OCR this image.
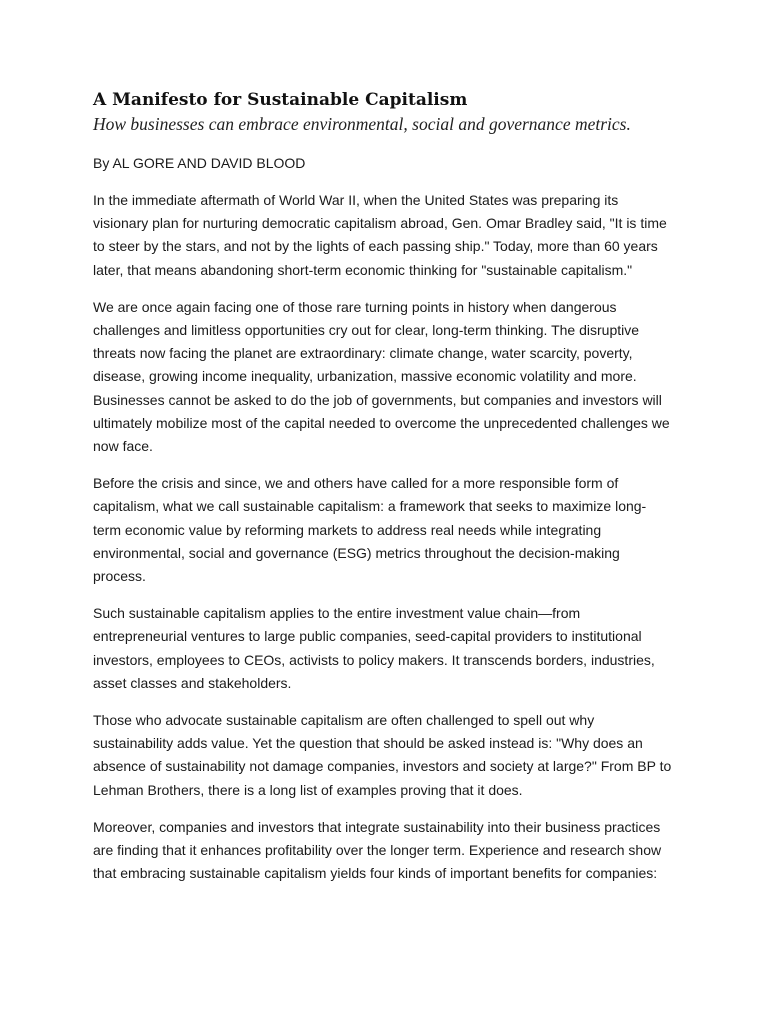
A Manifesto for Sustainable Capitalism

How businesses can embrace environmental, social and governance metrics.

By AL GORE AND DAVID BLOOD

In the immediate aftermath of World War II, when the United States was preparing its visionary plan for nurturing democratic capitalism abroad, Gen. Omar Bradley said, "It is time to steer by the stars, and not by the lights of each passing ship." Today, more than 60 years later, that means abandoning short-term economic thinking for "sustainable capitalism."

We are once again facing one of those rare turning points in history when dangerous challenges and limitless opportunities cry out for clear, long-term thinking. The disruptive threats now facing the planet are extraordinary: climate change, water scarcity, poverty, disease, growing income inequality, urbanization, massive economic volatility and more. Businesses cannot be asked to do the job of governments, but companies and investors will ultimately mobilize most of the capital needed to overcome the unprecedented challenges we now face.

Before the crisis and since, we and others have called for a more responsible form of capitalism, what we call sustainable capitalism: a framework that seeks to maximize long-term economic value by reforming markets to address real needs while integrating environmental, social and governance (ESG) metrics throughout the decision-making process.

Such sustainable capitalism applies to the entire investment value chain—from entrepreneurial ventures to large public companies, seed-capital providers to institutional investors, employees to CEOs, activists to policy makers. It transcends borders, industries, asset classes and stakeholders.

Those who advocate sustainable capitalism are often challenged to spell out why sustainability adds value. Yet the question that should be asked instead is: "Why does an absence of sustainability not damage companies, investors and society at large?" From BP to Lehman Brothers, there is a long list of examples proving that it does.

Moreover, companies and investors that integrate sustainability into their business practices are finding that it enhances profitability over the longer term. Experience and research show that embracing sustainable capitalism yields four kinds of important benefits for companies:
